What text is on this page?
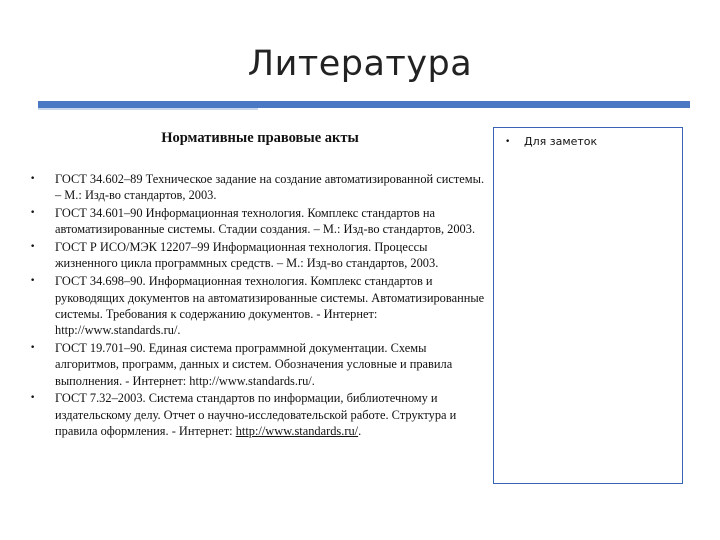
Литература
Нормативные правовые акты
• ГОСТ 34.602–89 Техническое задание на создание автоматизированной системы. – М.: Изд-во стандартов, 2003.
• ГОСТ 34.601–90 Информационная технология. Комплекс стандартов на автоматизированные системы. Стадии создания. – М.: Изд-во стандартов, 2003.
• ГОСТ Р ИСО/МЭК 12207–99 Информационная технология. Процессы жизненного цикла программных средств. – М.: Изд-во стандартов, 2003.
• ГОСТ 34.698–90. Информационная технология. Комплекс стандартов и руководящих документов на автоматизированные системы. Автоматизированные системы. Требования к содержанию документов. - Интернет: http://www.standards.ru/.
• ГОСТ 19.701–90. Единая система программной документации. Схемы алгоритмов, программ, данных и систем. Обозначения условные и правила выполнения. - Интернет: http://www.standards.ru/.
• ГОСТ 7.32–2003. Система стандартов по информации, библиотечному и издательскому делу. Отчет о научно-исследовательской работе. Структура и правила оформления. - Интернет: http://www.standards.ru/.
• Для заметок
